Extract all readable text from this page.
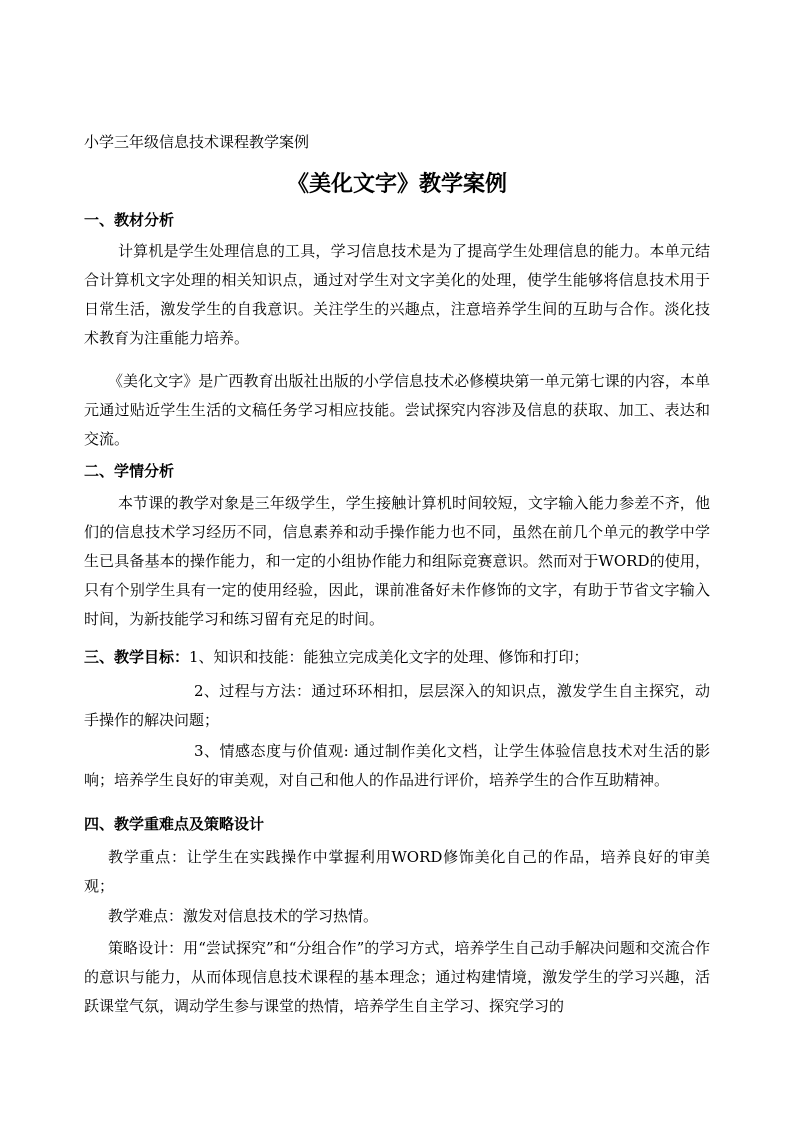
小学三年级信息技术课程教学案例
《美化文字》教学案例
一、教材分析

计算机是学生处理信息的工具，学习信息技术是为了提高学生处理信息的能力。本单元结合计算机文字处理的相关知识点，通过对学生对文字美化的处理，使学生能够将信息技术用于日常生活，激发学生的自我意识。关注学生的兴趣点，注意培养学生间的互助与合作。淡化技术教育为注重能力培养。

《美化文字》是广西教育出版社出版的小学信息技术必修模块第一单元第七课的内容，本单元通过贴近学生生活的文稿任务学习相应技能。尝试探究内容涉及信息的获取、加工、表达和交流。

二、学情分析

本节课的教学对象是三年级学生，学生接触计算机时间较短，文字输入能力参差不齐，他们的信息技术学习经历不同，信息素养和动手操作能力也不同，虽然在前几个单元的教学中学生已具备基本的操作能力，和一定的小组协作能力和组际竞赛意识。然而对于WORD的使用，只有个别学生具有一定的使用经验，因此，课前准备好未作修饰的文字，有助于节省文字输入时间，为新技能学习和练习留有充足的时间。

三、教学目标：1、知识和技能：能独立完成美化文字的处理、修饰和打印；

2、过程与方法：通过环环相扣，层层深入的知识点，激发学生自主探究，动手操作的解决问题；

3、情感态度与价值观: 通过制作美化文档，让学生体验信息技术对生活的影响；培养学生良好的审美观，对自己和他人的作品进行评价，培养学生的合作互助精神。

四、教学重难点及策略设计

教学重点：让学生在实践操作中掌握利用WORD修饰美化自己的作品，培养良好的审美观；

教学难点：激发对信息技术的学习热情。

策略设计：用“尝试探究”和“分组合作”的学习方式，培养学生自己动手解决问题和交流合作的意识与能力，从而体现信息技术课程的基本理念；通过构建情境，激发学生的学习兴趣，活跃课堂气氛，调动学生参与课堂的热情，培养学生自主学习、探究学习的
